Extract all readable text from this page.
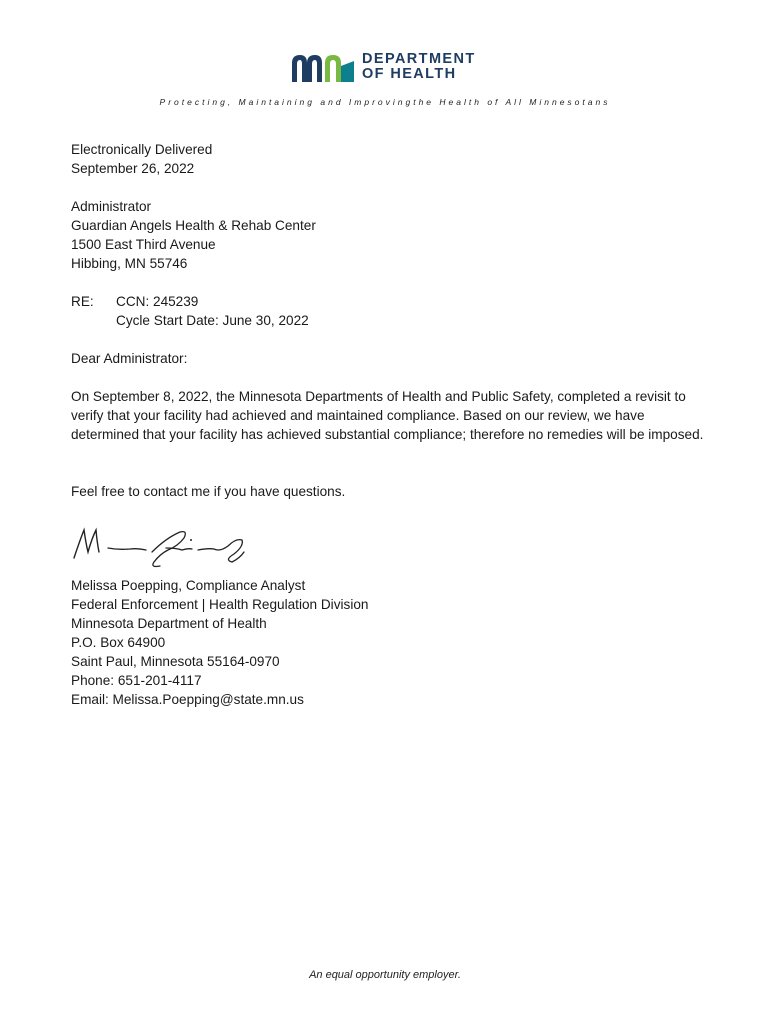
DEPARTMENT
OF HEALTH
Protecting, Maintaining and Improvingthe Health of All Minnesotans
Electronically Delivered
September 26, 2022
Administrator
Guardian Angels Health & Rehab Center
1500 East Third Avenue
Hibbing, MN 55746
RE: CCN: 245239
Cycle Start Date: June 30, 2022
Dear Administrator:
On September 8, 2022, the Minnesota Departments of Health and Public Safety, completed a revisit to verify that your facility had achieved and maintained compliance. Based on our review, we have determined that your facility has achieved substantial compliance; therefore no remedies will be imposed.
Feel free to contact me if you have questions.
Melissa Poepping, Compliance Analyst
Federal Enforcement | Health Regulation Division
Minnesota Department of Health
P.O. Box 64900
Saint Paul, Minnesota 55164-0970
Phone: 651-201-4117
Email: Melissa.Poepping@state.mn.us
An equal opportunity employer.
